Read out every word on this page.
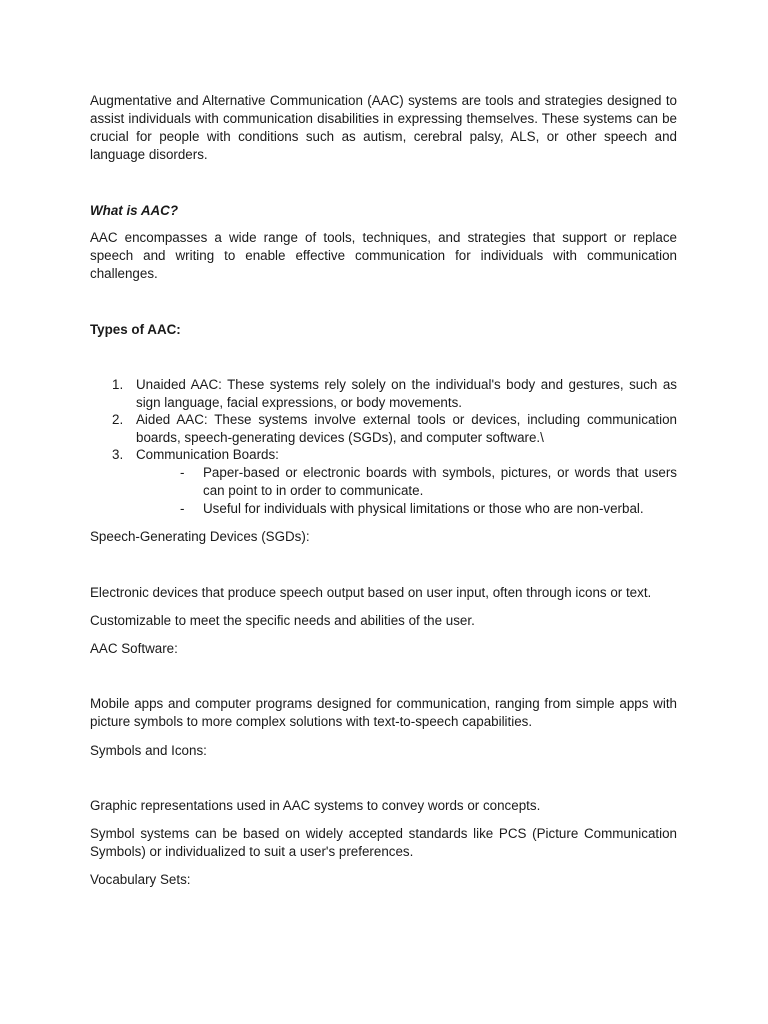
Augmentative and Alternative Communication (AAC) systems are tools and strategies designed to assist individuals with communication disabilities in expressing themselves. These systems can be crucial for people with conditions such as autism, cerebral palsy, ALS, or other speech and language disorders.

What is AAC?

AAC encompasses a wide range of tools, techniques, and strategies that support or replace speech and writing to enable effective communication for individuals with communication challenges.

Types of AAC:

1. Unaided AAC: These systems rely solely on the individual's body and gestures, such as sign language, facial expressions, or body movements.
2. Aided AAC: These systems involve external tools or devices, including communication boards, speech-generating devices (SGDs), and computer software.\
3. Communication Boards:
- Paper-based or electronic boards with symbols, pictures, or words that users can point to in order to communicate.
- Useful for individuals with physical limitations or those who are non-verbal.

Speech-Generating Devices (SGDs):

Electronic devices that produce speech output based on user input, often through icons or text.

Customizable to meet the specific needs and abilities of the user.

AAC Software:

Mobile apps and computer programs designed for communication, ranging from simple apps with picture symbols to more complex solutions with text-to-speech capabilities.

Symbols and Icons:

Graphic representations used in AAC systems to convey words or concepts.

Symbol systems can be based on widely accepted standards like PCS (Picture Communication Symbols) or individualized to suit a user's preferences.

Vocabulary Sets:
